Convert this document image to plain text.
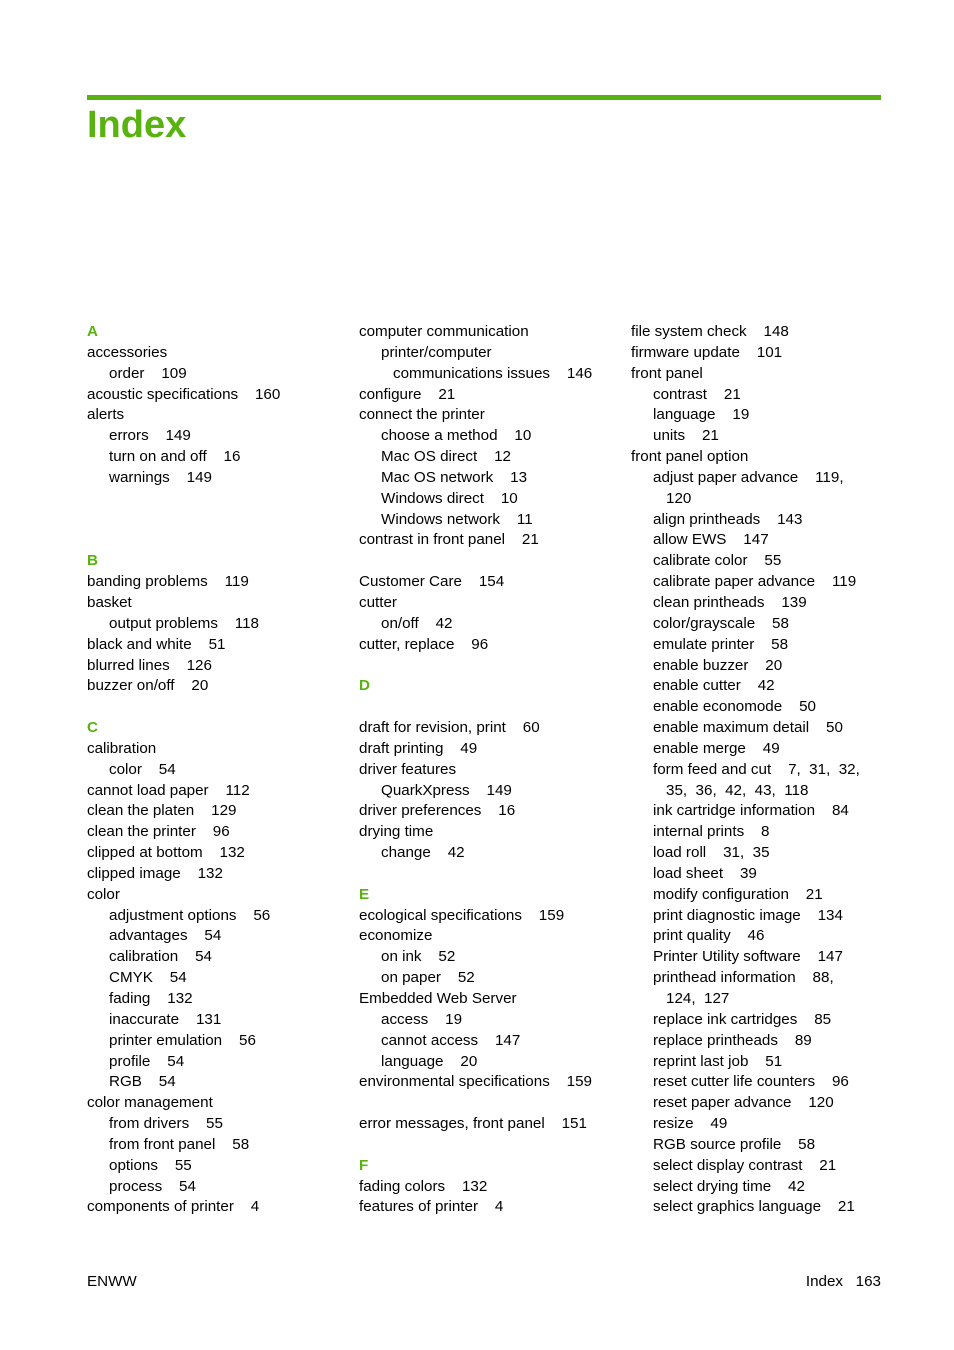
Index
A
accessories
order    109
acoustic specifications    160
alerts
errors    149
turn on and off    16
warnings    149
B
banding problems    119
basket
output problems    118
black and white    51
blurred lines    126
buzzer on/off    20
C
calibration
color    54
cannot load paper    112
clean the platen    129
clean the printer    96
clipped at bottom    132
clipped image    132
color
adjustment options    56
advantages    54
calibration    54
CMYK    54
fading    132
inaccurate    131
printer emulation    56
profile    54
RGB    54
color management
from drivers    55
from front panel    58
options    55
process    54
components of printer    4
computer communication
printer/computer
communications issues    146
configure    21
connect the printer
choose a method    10
Mac OS direct    12
Mac OS network    13
Windows direct    10
Windows network    11
contrast in front panel    21
Customer Care    154
cutter
on/off    42
cutter, replace    96
D
draft for revision, print    60
draft printing    49
driver features
QuarkXpress    149
driver preferences    16
drying time
change    42
E
ecological specifications    159
economize
on ink    52
on paper    52
Embedded Web Server
access    19
cannot access    147
language    20
environmental specifications    159
error messages, front panel    151
F
fading colors    132
features of printer    4
file system check    148
firmware update    101
front panel
contrast    21
language    19
units    21
front panel option
adjust paper advance    119,
120
align printheads    143
allow EWS    147
calibrate color    55
calibrate paper advance    119
clean printheads    139
color/grayscale    58
emulate printer    58
enable buzzer    20
enable cutter    42
enable economode    50
enable maximum detail    50
enable merge    49
form feed and cut    7,  31,  32,
35,  36,  42,  43,  118
ink cartridge information    84
internal prints    8
load roll    31,  35
load sheet    39
modify configuration    21
print diagnostic image    134
print quality    46
Printer Utility software    147
printhead information    88,
124,  127
replace ink cartridges    85
replace printheads    89
reprint last job    51
reset cutter life counters    96
reset paper advance    120
resize    49
RGB source profile    58
select display contrast    21
select drying time    42
select graphics language    21
ENWW	Index   163
